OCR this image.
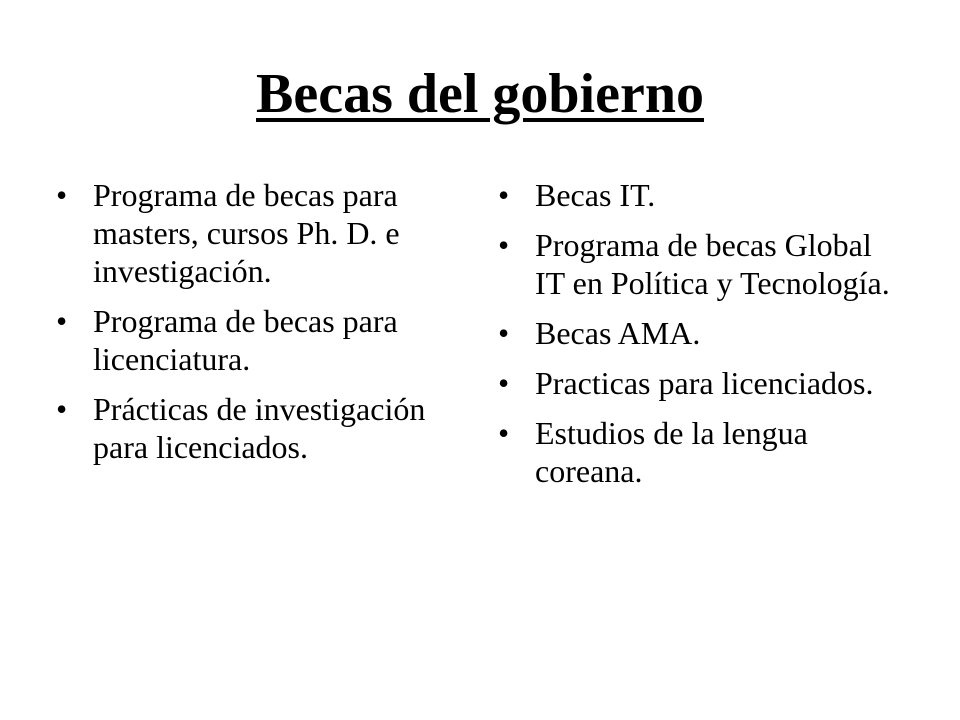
Becas del gobierno
• Programa de becas para masters, cursos Ph. D. e investigación.
• Programa de becas para licenciatura.
• Prácticas de investigación para licenciados.
• Becas IT.
• Programa de becas Global IT en Política y Tecnología.
• Becas AMA.
• Practicas para licenciados.
• Estudios de la lengua coreana.
